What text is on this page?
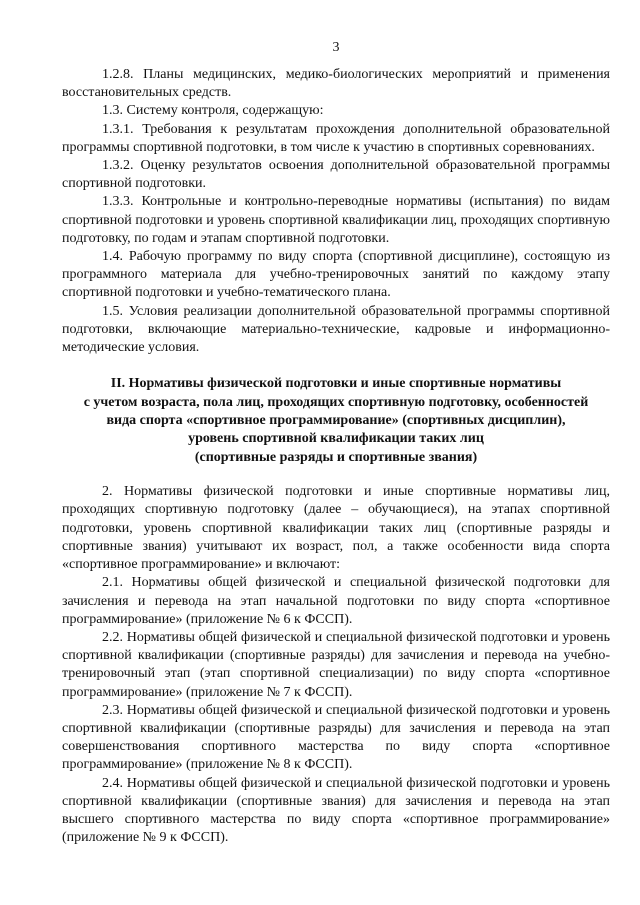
3

1.2.8. Планы медицинских, медико-биологических мероприятий и применения восстановительных средств.

1.3. Систему контроля, содержащую:

1.3.1. Требования к результатам прохождения дополнительной образовательной программы спортивной подготовки, в том числе к участию в спортивных соревнованиях.

1.3.2. Оценку результатов освоения дополнительной образовательной программы спортивной подготовки.

1.3.3. Контрольные и контрольно-переводные нормативы (испытания) по видам спортивной подготовки и уровень спортивной квалификации лиц, проходящих спортивную подготовку, по годам и этапам спортивной подготовки.

1.4. Рабочую программу по виду спорта (спортивной дисциплине), состоящую из программного материала для учебно-тренировочных занятий по каждому этапу спортивной подготовки и учебно-тематического плана.

1.5. Условия реализации дополнительной образовательной программы спортивной подготовки, включающие материально-технические, кадровые и информационно-методические условия.

II. Нормативы физической подготовки и иные спортивные нормативы
с учетом возраста, пола лиц, проходящих спортивную подготовку, особенностей
вида спорта «спортивное программирование» (спортивных дисциплин),
уровень спортивной квалификации таких лиц
(спортивные разряды и спортивные звания)

2. Нормативы физической подготовки и иные спортивные нормативы лиц, проходящих спортивную подготовку (далее – обучающиеся), на этапах спортивной подготовки, уровень спортивной квалификации таких лиц (спортивные разряды и спортивные звания) учитывают их возраст, пол, а также особенности вида спорта «спортивное программирование» и включают:

2.1. Нормативы общей физической и специальной физической подготовки для зачисления и перевода на этап начальной подготовки по виду спорта «спортивное программирование» (приложение № 6 к ФССП).

2.2. Нормативы общей физической и специальной физической подготовки и уровень спортивной квалификации (спортивные разряды) для зачисления и перевода на учебно-тренировочный этап (этап спортивной специализации) по виду спорта «спортивное программирование» (приложение № 7 к ФССП).

2.3. Нормативы общей физической и специальной физической подготовки и уровень спортивной квалификации (спортивные разряды) для зачисления и перевода на этап совершенствования спортивного мастерства по виду спорта «спортивное программирование» (приложение № 8 к ФССП).

2.4. Нормативы общей физической и специальной физической подготовки и уровень спортивной квалификации (спортивные звания) для зачисления и перевода на этап высшего спортивного мастерства по виду спорта «спортивное программирование» (приложение № 9 к ФССП).
